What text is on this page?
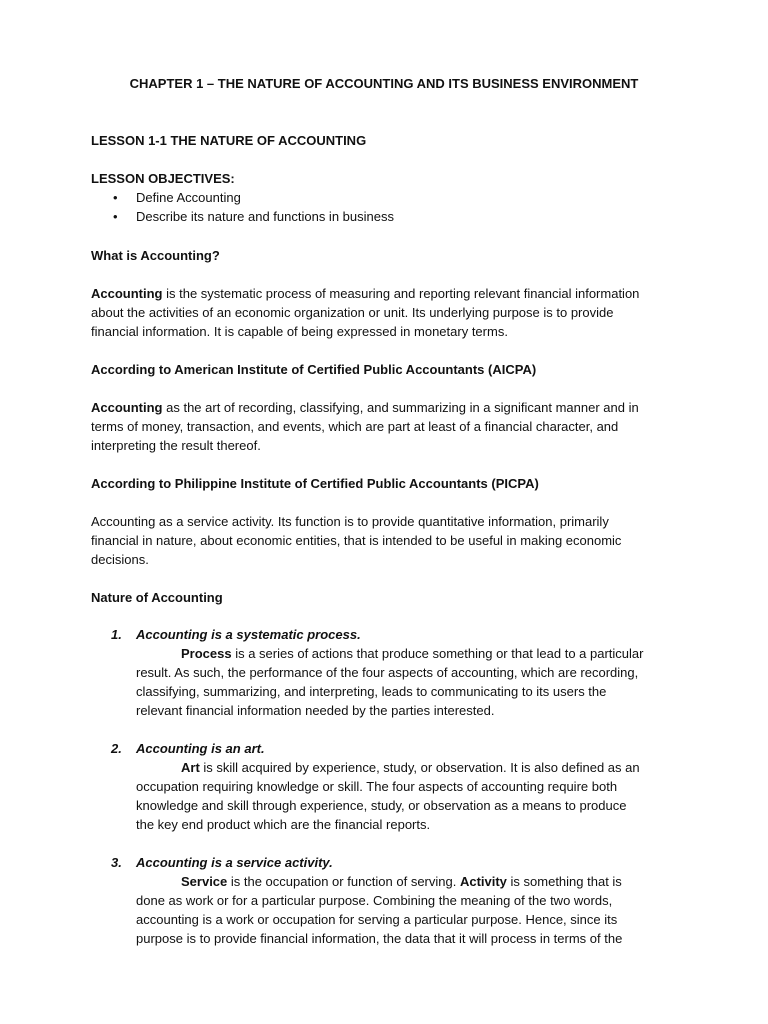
CHAPTER 1 – THE NATURE OF ACCOUNTING AND ITS BUSINESS ENVIRONMENT
LESSON 1-1 THE NATURE OF ACCOUNTING
LESSON OBJECTIVES:
• Define Accounting
• Describe its nature and functions in business
What is Accounting?
Accounting is the systematic process of measuring and reporting relevant financial information
about the activities of an economic organization or unit. Its underlying purpose is to provide
financial information. It is capable of being expressed in monetary terms.
According to American Institute of Certified Public Accountants (AICPA)
Accounting as the art of recording, classifying, and summarizing in a significant manner and in
terms of money, transaction, and events, which are part at least of a financial character, and
interpreting the result thereof.
According to Philippine Institute of Certified Public Accountants (PICPA)
Accounting as a service activity. Its function is to provide quantitative information, primarily
financial in nature, about economic entities, that is intended to be useful in making economic
decisions.
Nature of Accounting
1. Accounting is a systematic process.
Process is a series of actions that produce something or that lead to a particular
result. As such, the performance of the four aspects of accounting, which are recording,
classifying, summarizing, and interpreting, leads to communicating to its users the
relevant financial information needed by the parties interested.
2. Accounting is an art.
Art is skill acquired by experience, study, or observation. It is also defined as an
occupation requiring knowledge or skill. The four aspects of accounting require both
knowledge and skill through experience, study, or observation as a means to produce
the key end product which are the financial reports.
3. Accounting is a service activity.
Service is the occupation or function of serving. Activity is something that is
done as work or for a particular purpose. Combining the meaning of the two words,
accounting is a work or occupation for serving a particular purpose. Hence, since its
purpose is to provide financial information, the data that it will process in terms of the
